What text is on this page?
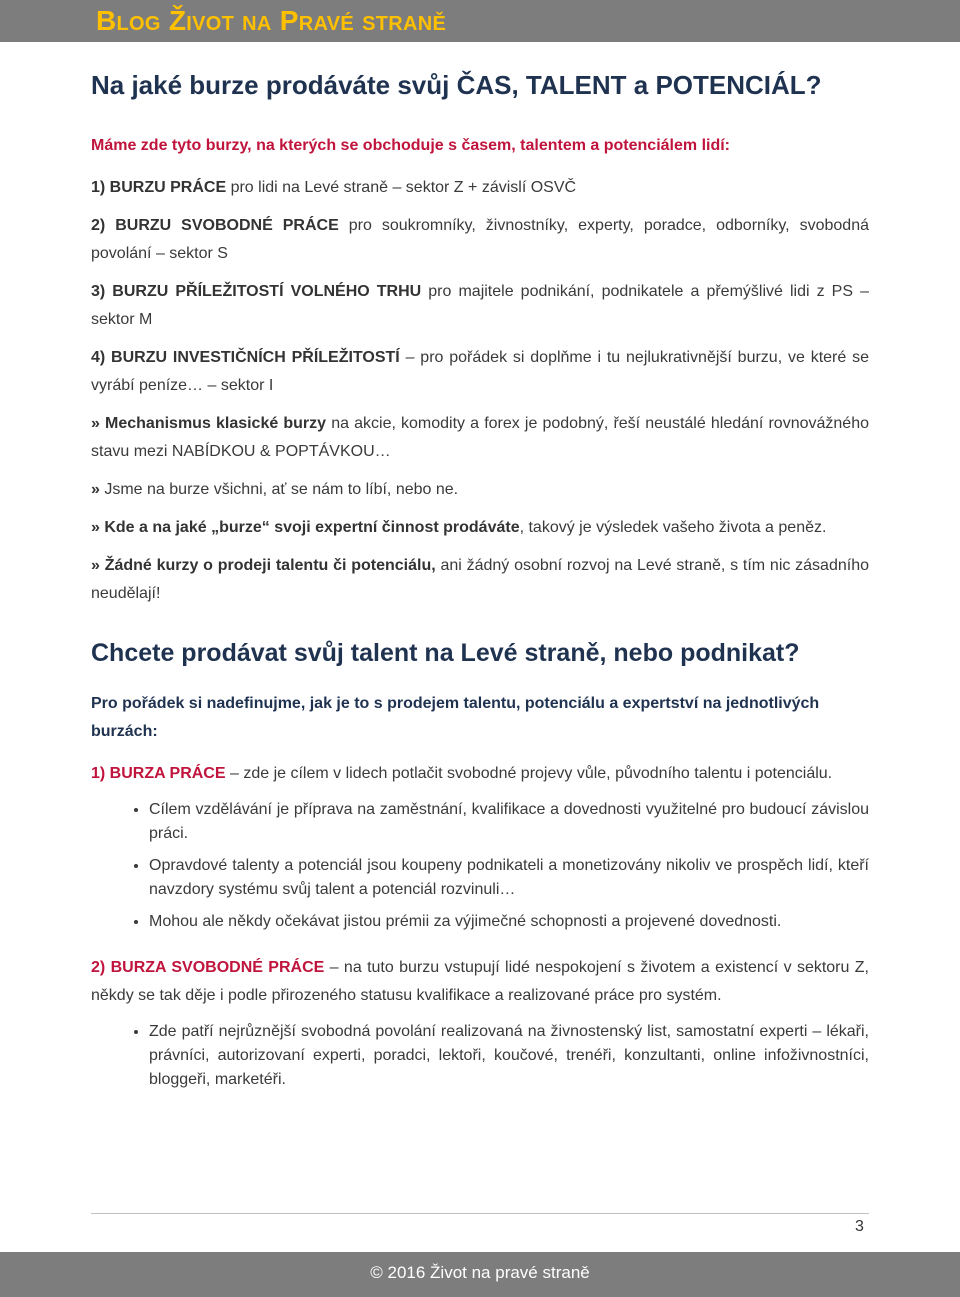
Blog Život na Pravé straně
Na jaké burze prodáváte svůj ČAS, TALENT a POTENCIÁL?

Máme zde tyto burzy, na kterých se obchoduje s časem, talentem a potenciálem lidí:

1) BURZU PRÁCE pro lidi na Levé straně – sektor Z + závislí OSVČ

2) BURZU SVOBODNÉ PRÁCE pro soukromníky, živnostníky, experty, poradce, odborníky, svobodná povolání – sektor S

3) BURZU PŘÍLEŽITOSTÍ VOLNÉHO TRHU pro majitele podnikání, podnikatele a přemýšlivé lidi z PS – sektor M

4) BURZU INVESTIČNÍCH PŘÍLEŽITOSTÍ – pro pořádek si doplňme i tu nejlukrativnější burzu, ve které se vyrábí peníze… – sektor I

» Mechanismus klasické burzy na akcie, komodity a forex je podobný, řeší neustálé hledání rovnovážného stavu mezi NABÍDKOU & POPTÁVKOU…

» Jsme na burze všichni, ať se nám to líbí, nebo ne.

» Kde a na jaké „burze“ svoji expertní činnost prodáváte, takový je výsledek vašeho života a peněz.

» Žádné kurzy o prodeji talentu či potenciálu, ani žádný osobní rozvoj na Levé straně, s tím nic zásadního neudělají!

Chcete prodávat svůj talent na Levé straně, nebo podnikat?

Pro pořádek si nadefinujme, jak je to s prodejem talentu, potenciálu a expertství na jednotlivých burzách:

1) BURZA PRÁCE – zde je cílem v lidech potlačit svobodné projevy vůle, původního talentu i potenciálu.

• Cílem vzdělávání je příprava na zaměstnání, kvalifikace a dovednosti využitelné pro budoucí závislou práci.
• Opravdové talenty a potenciál jsou koupeny podnikateli a monetizovány nikoliv ve prospěch lidí, kteří navzdory systému svůj talent a potenciál rozvinuli…
• Mohou ale někdy očekávat jistou prémii za výjimečné schopnosti a projevené dovednosti.

2) BURZA SVOBODNÉ PRÁCE – na tuto burzu vstupují lidé nespokojení s životem a existencí v sektoru Z, někdy se tak děje i podle přirozeného statusu kvalifikace a realizované práce pro systém.

• Zde patří nejrůznější svobodná povolání realizovaná na živnostenský list, samostatní experti – lékaři, právníci, autorizovaní experti, poradci, lektoři, koučové, trenéři, konzultanti, online infoživnostníci, bloggeři, marketéři.
3
© 2016 Život na pravé straně
